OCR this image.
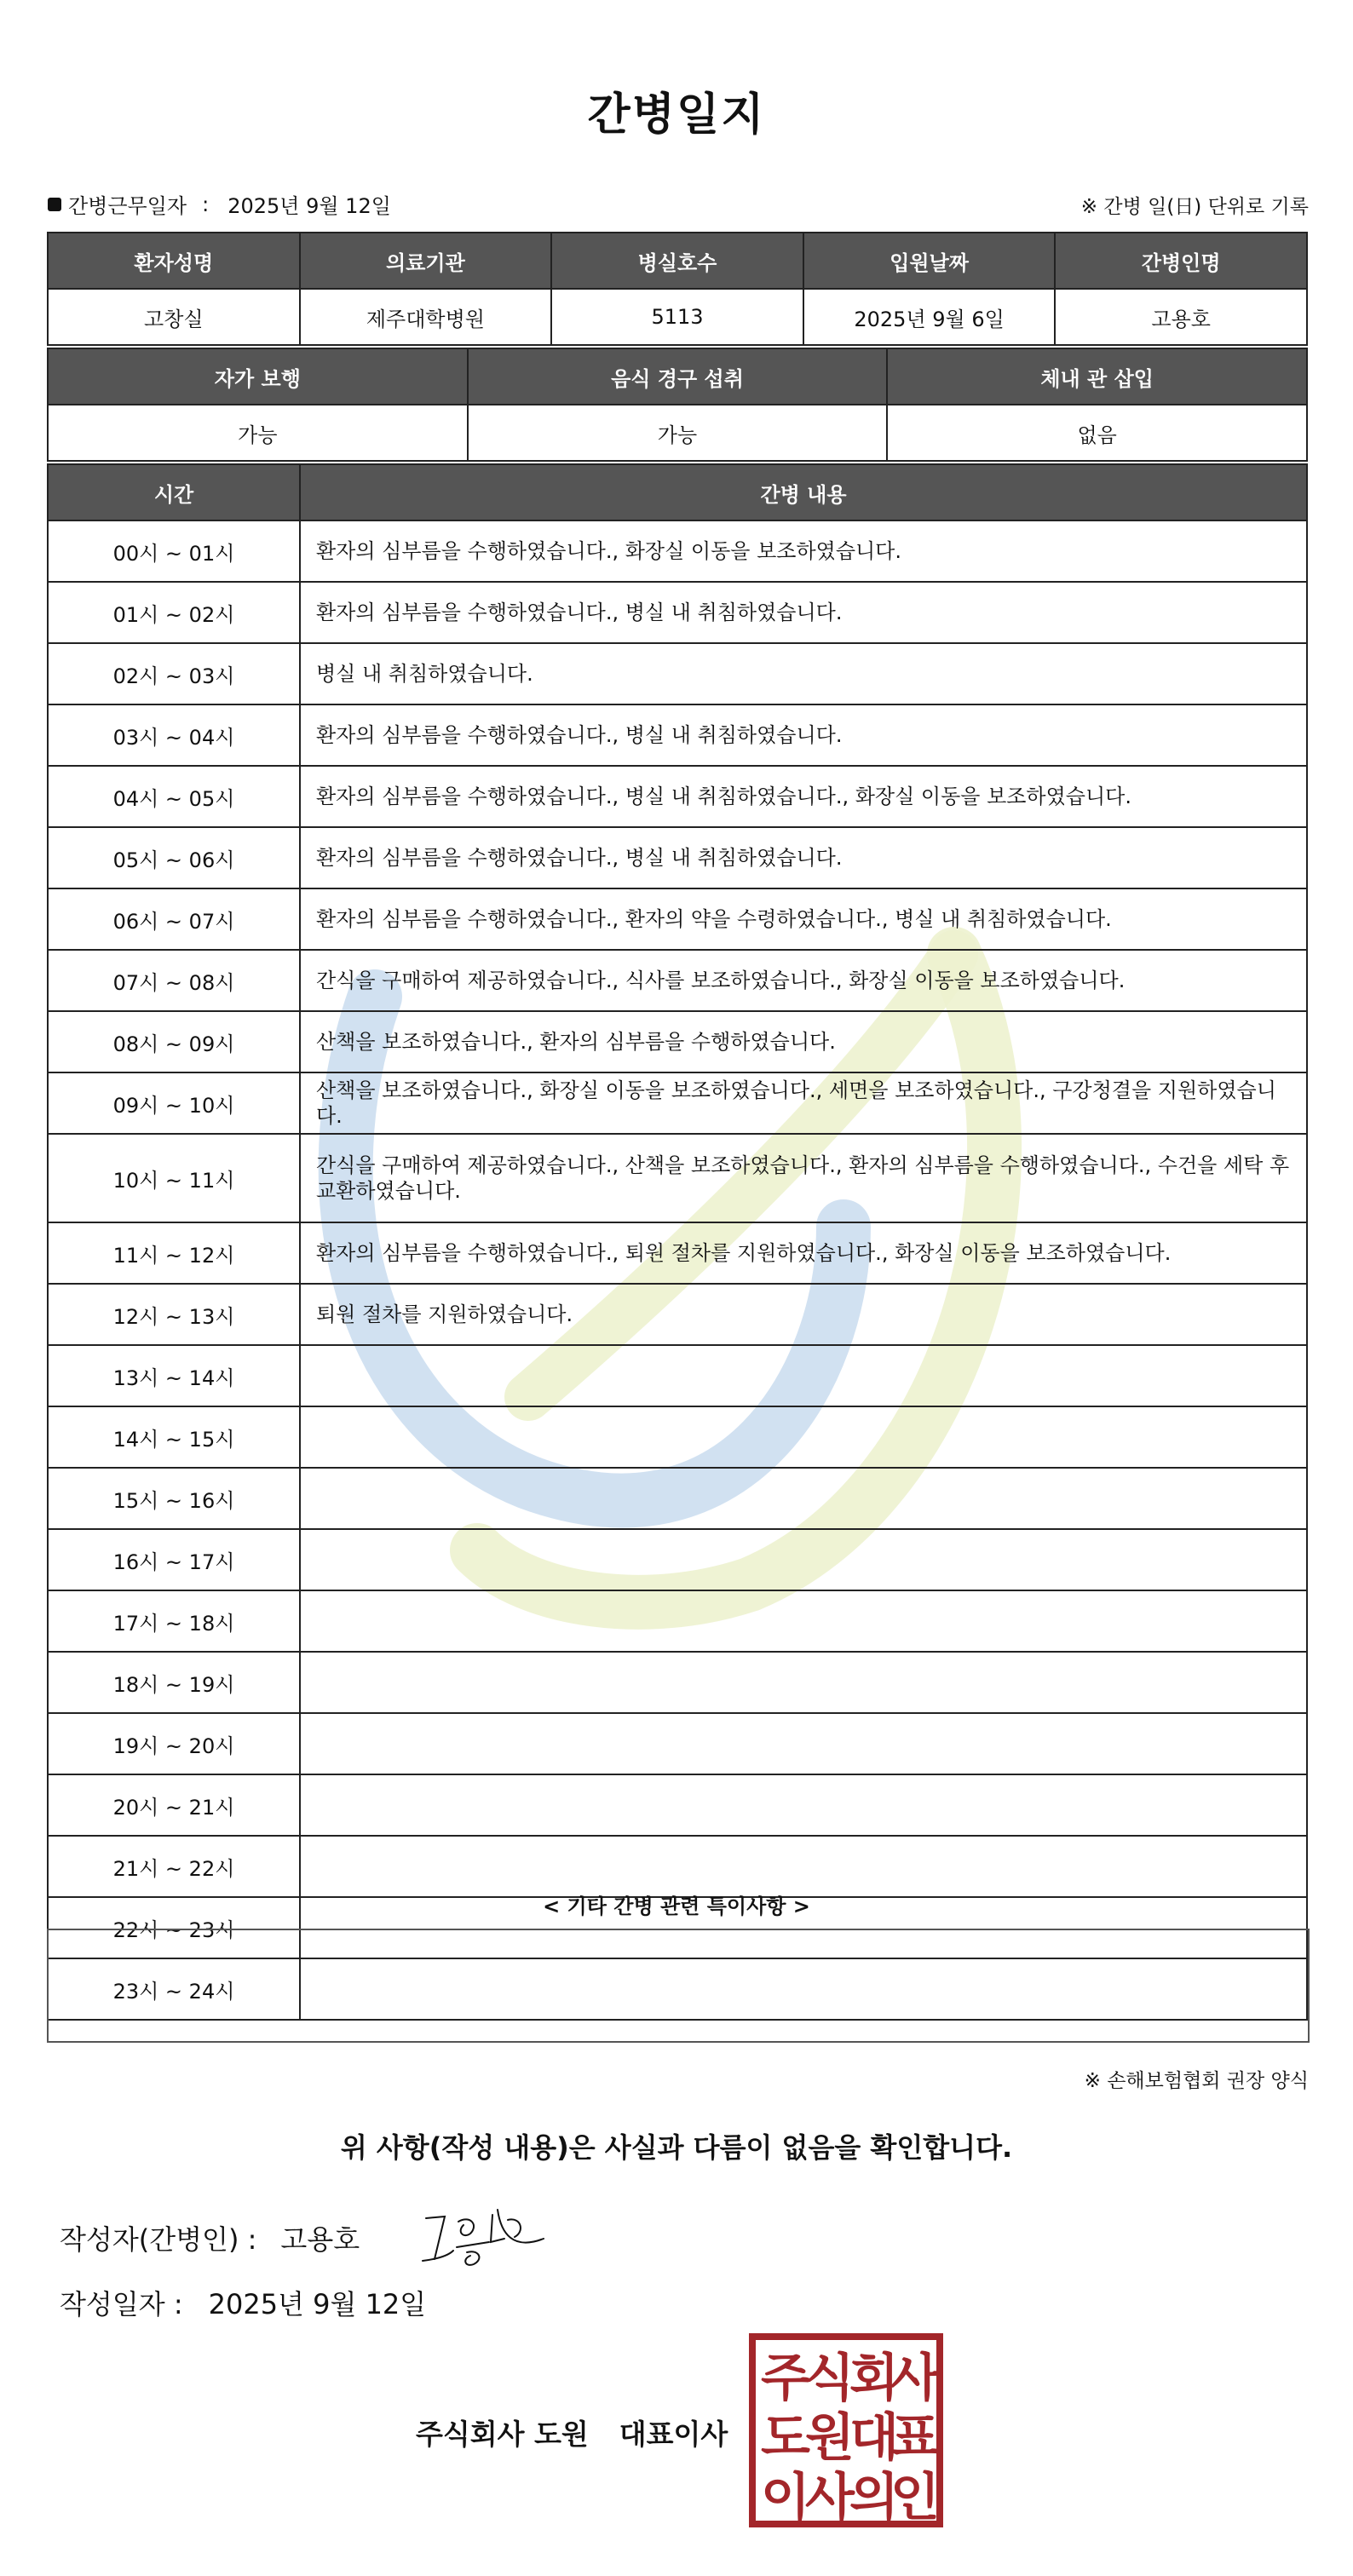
간병일지
간병근무일자 : 2025년 9월 12일	※ 간병 일(日) 단위로 기록
환자성명	의료기관	병실호수	입원날짜	간병인명
고창실	제주대학병원	5113	2025년 9월 6일	고용호
자가 보행	음식 경구 섭취	체내 관 삽입
가능	가능	없음
시간	간병 내용
00시 ~ 01시	환자의 심부름을 수행하였습니다., 화장실 이동을 보조하였습니다.
01시 ~ 02시	환자의 심부름을 수행하였습니다., 병실 내 취침하였습니다.
02시 ~ 03시	병실 내 취침하였습니다.
03시 ~ 04시	환자의 심부름을 수행하였습니다., 병실 내 취침하였습니다.
04시 ~ 05시	환자의 심부름을 수행하였습니다., 병실 내 취침하였습니다., 화장실 이동을 보조하였습니다.
05시 ~ 06시	환자의 심부름을 수행하였습니다., 병실 내 취침하였습니다.
06시 ~ 07시	환자의 심부름을 수행하였습니다., 환자의 약을 수령하였습니다., 병실 내 취침하였습니다.
07시 ~ 08시	간식을 구매하여 제공하였습니다., 식사를 보조하였습니다., 화장실 이동을 보조하였습니다.
08시 ~ 09시	산책을 보조하였습니다., 환자의 심부름을 수행하였습니다.
09시 ~ 10시	산책을 보조하였습니다., 화장실 이동을 보조하였습니다., 세면을 보조하였습니다., 구강청결을 지원하였습니다.
10시 ~ 11시	간식을 구매하여 제공하였습니다., 산책을 보조하였습니다., 환자의 심부름을 수행하였습니다., 수건을 세탁 후 교환하였습니다.
11시 ~ 12시	환자의 심부름을 수행하였습니다., 퇴원 절차를 지원하였습니다., 화장실 이동을 보조하였습니다.
12시 ~ 13시	퇴원 절차를 지원하였습니다.
13시 ~ 14시	
14시 ~ 15시	
15시 ~ 16시	
16시 ~ 17시	
17시 ~ 18시	
18시 ~ 19시	
19시 ~ 20시	
20시 ~ 21시	
21시 ~ 22시	
22시 ~ 23시	
23시 ~ 24시	
< 기타 간병 관련 특이사항 >
※ 손해보험협회 권장 양식
위 사항(작성 내용)은 사실과 다름이 없음을 확인합니다.
작성자(간병인) : 고용호
작성일자 : 2025년 9월 12일
주식회사 도원 대표이사
주
식
회
사
도
원
대
표
이
사
의
인
